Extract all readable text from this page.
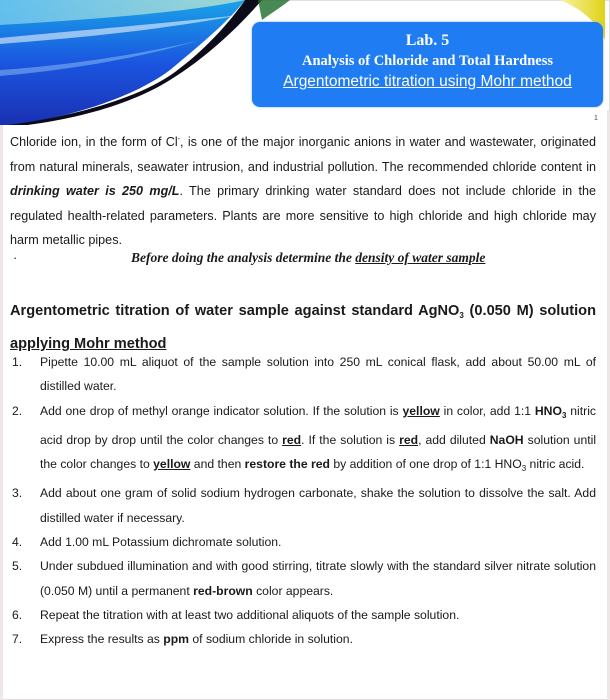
Lab. 5
Analysis of Chloride and Total Hardness
Argentometric titration using Mohr method
1
Chloride ion, in the form of Cl-, is one of the major inorganic anions in water and wastewater, originated from natural minerals, seawater intrusion, and industrial pollution. The recommended chloride content in drinking water is 250 mg/L. The primary drinking water standard does not include chloride in the regulated health-related parameters. Plants are more sensitive to high chloride and high chloride may harm metallic pipes.
·	Before doing the analysis determine the density of water sample
Argentometric titration of water sample against standard AgNO$_3$ (0.050 M) solution applying Mohr method
1. Pipette 10.00 mL aliquot of the sample solution into 250 mL conical flask, add about 50.00 mL of distilled water.
2. Add one drop of methyl orange indicator solution. If the solution is yellow in color, add 1:1 $HNO_3$ nitric acid drop by drop until the color changes to red. If the solution is red, add diluted NaOH solution until the color changes to yellow and then restore the red by addition of one drop of 1:1 $HNO_3$ nitric acid.
3. Add about one gram of solid sodium hydrogen carbonate, shake the solution to dissolve the salt. Add distilled water if necessary.
4. Add 1.00 mL Potassium dichromate solution.
5. Under subdued illumination and with good stirring, titrate slowly with the standard silver nitrate solution (0.050 M) until a permanent red-brown color appears.
6. Repeat the titration with at least two additional aliquots of the sample solution.
7. Express the results as ppm of sodium chloride in solution.
